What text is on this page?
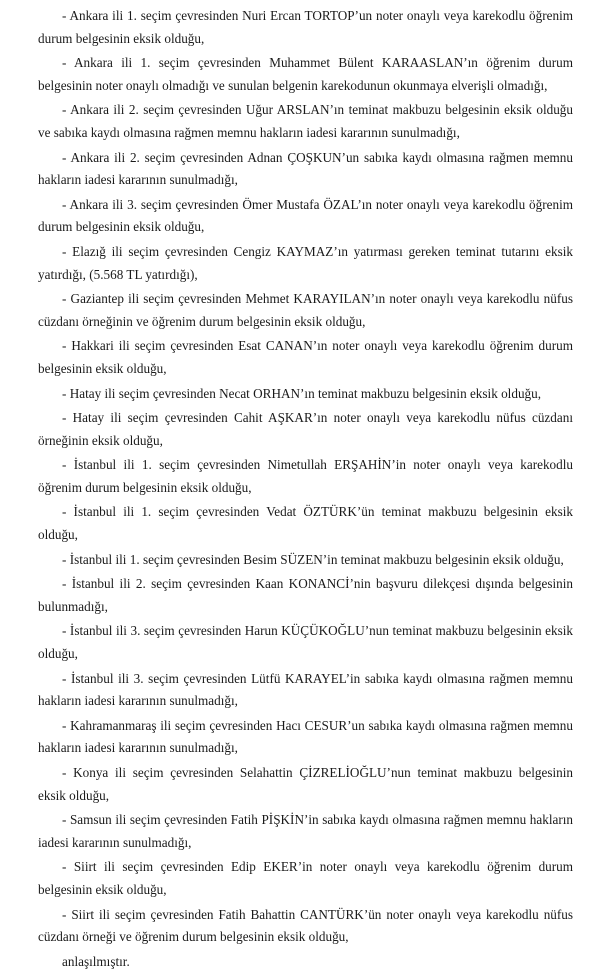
- Ankara ili 1. seçim çevresinden Nuri Ercan TORTOP’un noter onaylı veya karekodlu öğrenim durum belgesinin eksik olduğu,
- Ankara ili 1. seçim çevresinden Muhammet Bülent KARAASLAN’ın öğrenim durum belgesinin noter onaylı olmadığı ve sunulan belgenin karekodunun okunmaya elverişli olmadığı,
- Ankara ili 2. seçim çevresinden Uğur ARSLAN’ın teminat makbuzu belgesinin eksik olduğu ve sabıka kaydı olmasına rağmen memnu hakların iadesi kararının sunulmadığı,
- Ankara ili 2. seçim çevresinden Adnan ÇOŞKUN’un sabıka kaydı olmasına rağmen memnu hakların iadesi kararının sunulmadığı,
- Ankara ili 3. seçim çevresinden Ömer Mustafa ÖZAL’ın noter onaylı veya karekodlu öğrenim durum belgesinin eksik olduğu,
- Elazığ ili seçim çevresinden Cengiz KAYMAZ’ın yatırması gereken teminat tutarını eksik yatırdığı, (5.568 TL yatırdığı),
- Gaziantep ili seçim çevresinden Mehmet KARAYILAN’ın noter onaylı veya karekodlu nüfus cüzdanı örneğinin ve öğrenim durum belgesinin eksik olduğu,
- Hakkari ili seçim çevresinden Esat CANAN’ın noter onaylı veya karekodlu öğrenim durum belgesinin eksik olduğu,
- Hatay ili seçim çevresinden Necat ORHAN’ın teminat makbuzu belgesinin eksik olduğu,
- Hatay ili seçim çevresinden Cahit AŞKAR’ın noter onaylı veya karekodlu nüfus cüzdanı örneğinin eksik olduğu,
- İstanbul ili 1. seçim çevresinden Nimetullah ERŞAHİN’in noter onaylı veya karekodlu öğrenim durum belgesinin eksik olduğu,
- İstanbul ili 1. seçim çevresinden Vedat ÖZTÜRK’ün teminat makbuzu belgesinin eksik olduğu,
- İstanbul ili 1. seçim çevresinden Besim SÜZEN’in teminat makbuzu belgesinin eksik olduğu,
- İstanbul ili 2. seçim çevresinden Kaan KONANCİ’nin başvuru dilekçesi dışında belgesinin bulunmadığı,
- İstanbul ili 3. seçim çevresinden Harun KÜÇÜKOĞLU’nun teminat makbuzu belgesinin eksik olduğu,
- İstanbul ili 3. seçim çevresinden Lütfü KARAYEL’in sabıka kaydı olmasına rağmen memnu hakların iadesi kararının sunulmadığı,
- Kahramanmaraş ili seçim çevresinden Hacı CESUR’un sabıka kaydı olmasına rağmen memnu hakların iadesi kararının sunulmadığı,
- Konya ili seçim çevresinden Selahattin ÇİZRELİOĞLU’nun teminat makbuzu belgesinin eksik olduğu,
- Samsun ili seçim çevresinden Fatih PİŞKİN’in sabıka kaydı olmasına rağmen memnu hakların iadesi kararının sunulmadığı,
- Siirt ili seçim çevresinden Edip EKER’in noter onaylı veya karekodlu öğrenim durum belgesinin eksik olduğu,
- Siirt ili seçim çevresinden Fatih Bahattin CANTÜRK’ün noter onaylı veya karekodlu nüfus cüzdanı örneği ve öğrenim durum belgesinin eksik olduğu,
anlaşılmıştır.
